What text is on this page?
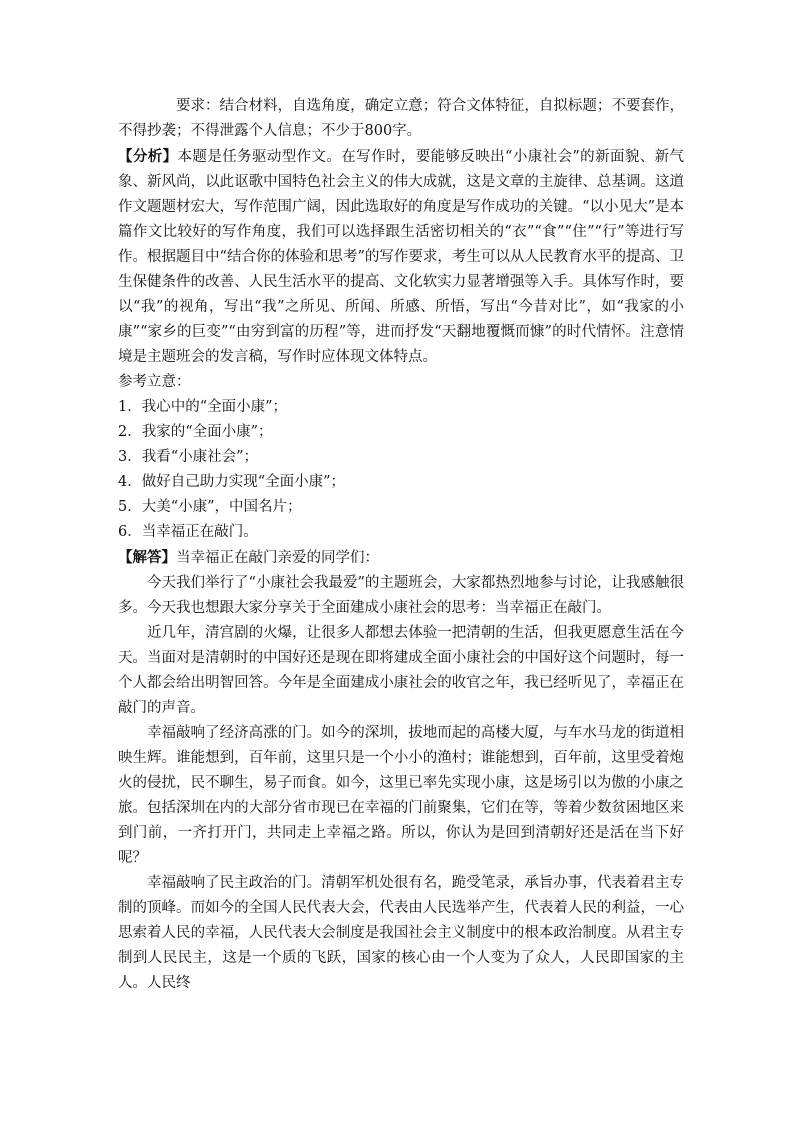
要求：结合材料，自选角度，确定立意；符合文体特征，自拟标题；不要套作，不得抄袭；不得泄露个人信息；不少于800字。

【分析】本题是任务驱动型作文。在写作时，要能够反映出“小康社会”的新面貌、新气象、新风尚，以此讴歌中国特色社会主义的伟大成就，这是文章的主旋律、总基调。这道作文题题材宏大，写作范围广阔，因此选取好的角度是写作成功的关键。“以小见大”是本篇作文比较好的写作角度，我们可以选择跟生活密切相关的“衣”“食”“住”“行”等进行写作。根据题目中“结合你的体验和思考”的写作要求，考生可以从人民教育水平的提高、卫生保健条件的改善、人民生活水平的提高、文化软实力显著增强等入手。具体写作时，要以“我”的视角，写出“我”之所见、所闻、所感、所悟，写出“今昔对比”，如“我家的小康”“家乡的巨变”“由穷到富的历程”等，进而抒发“天翻地覆慨而慷”的时代情怀。注意情境是主题班会的发言稿，写作时应体现文体特点。

参考立意：

1．我心中的“全面小康”；

2．我家的“全面小康”；

3．我看“小康社会”；

4．做好自己助力实现“全面小康”；

5．大美“小康”，中国名片；

6．当幸福正在敲门。

【解答】当幸福正在敲门亲爱的同学们：

今天我们举行了“小康社会我最爱”的主题班会，大家都热烈地参与讨论，让我感触很多。今天我也想跟大家分享关于全面建成小康社会的思考：当幸福正在敲门。

近几年，清宫剧的火爆，让很多人都想去体验一把清朝的生活，但我更愿意生活在今天。当面对是清朝时的中国好还是现在即将建成全面小康社会的中国好这个问题时，每一个人都会给出明智回答。今年是全面建成小康社会的收官之年，我已经听见了，幸福正在敲门的声音。

幸福敲响了经济高涨的门。如今的深圳，拔地而起的高楼大厦，与车水马龙的街道相映生辉。谁能想到，百年前，这里只是一个小小的渔村；谁能想到，百年前，这里受着炮火的侵扰，民不聊生，易子而食。如今，这里已率先实现小康，这是场引以为傲的小康之旅。包括深圳在内的大部分省市现已在幸福的门前聚集，它们在等，等着少数贫困地区来到门前，一齐打开门，共同走上幸福之路。所以，你认为是回到清朝好还是活在当下好呢？

幸福敲响了民主政治的门。清朝军机处很有名，跪受笔录，承旨办事，代表着君主专制的顶峰。而如今的全国人民代表大会，代表由人民选举产生，代表着人民的利益，一心思索着人民的幸福，人民代表大会制度是我国社会主义制度中的根本政治制度。从君主专制到人民民主，这是一个质的飞跃，国家的核心由一个人变为了众人，人民即国家的主人。人民终
